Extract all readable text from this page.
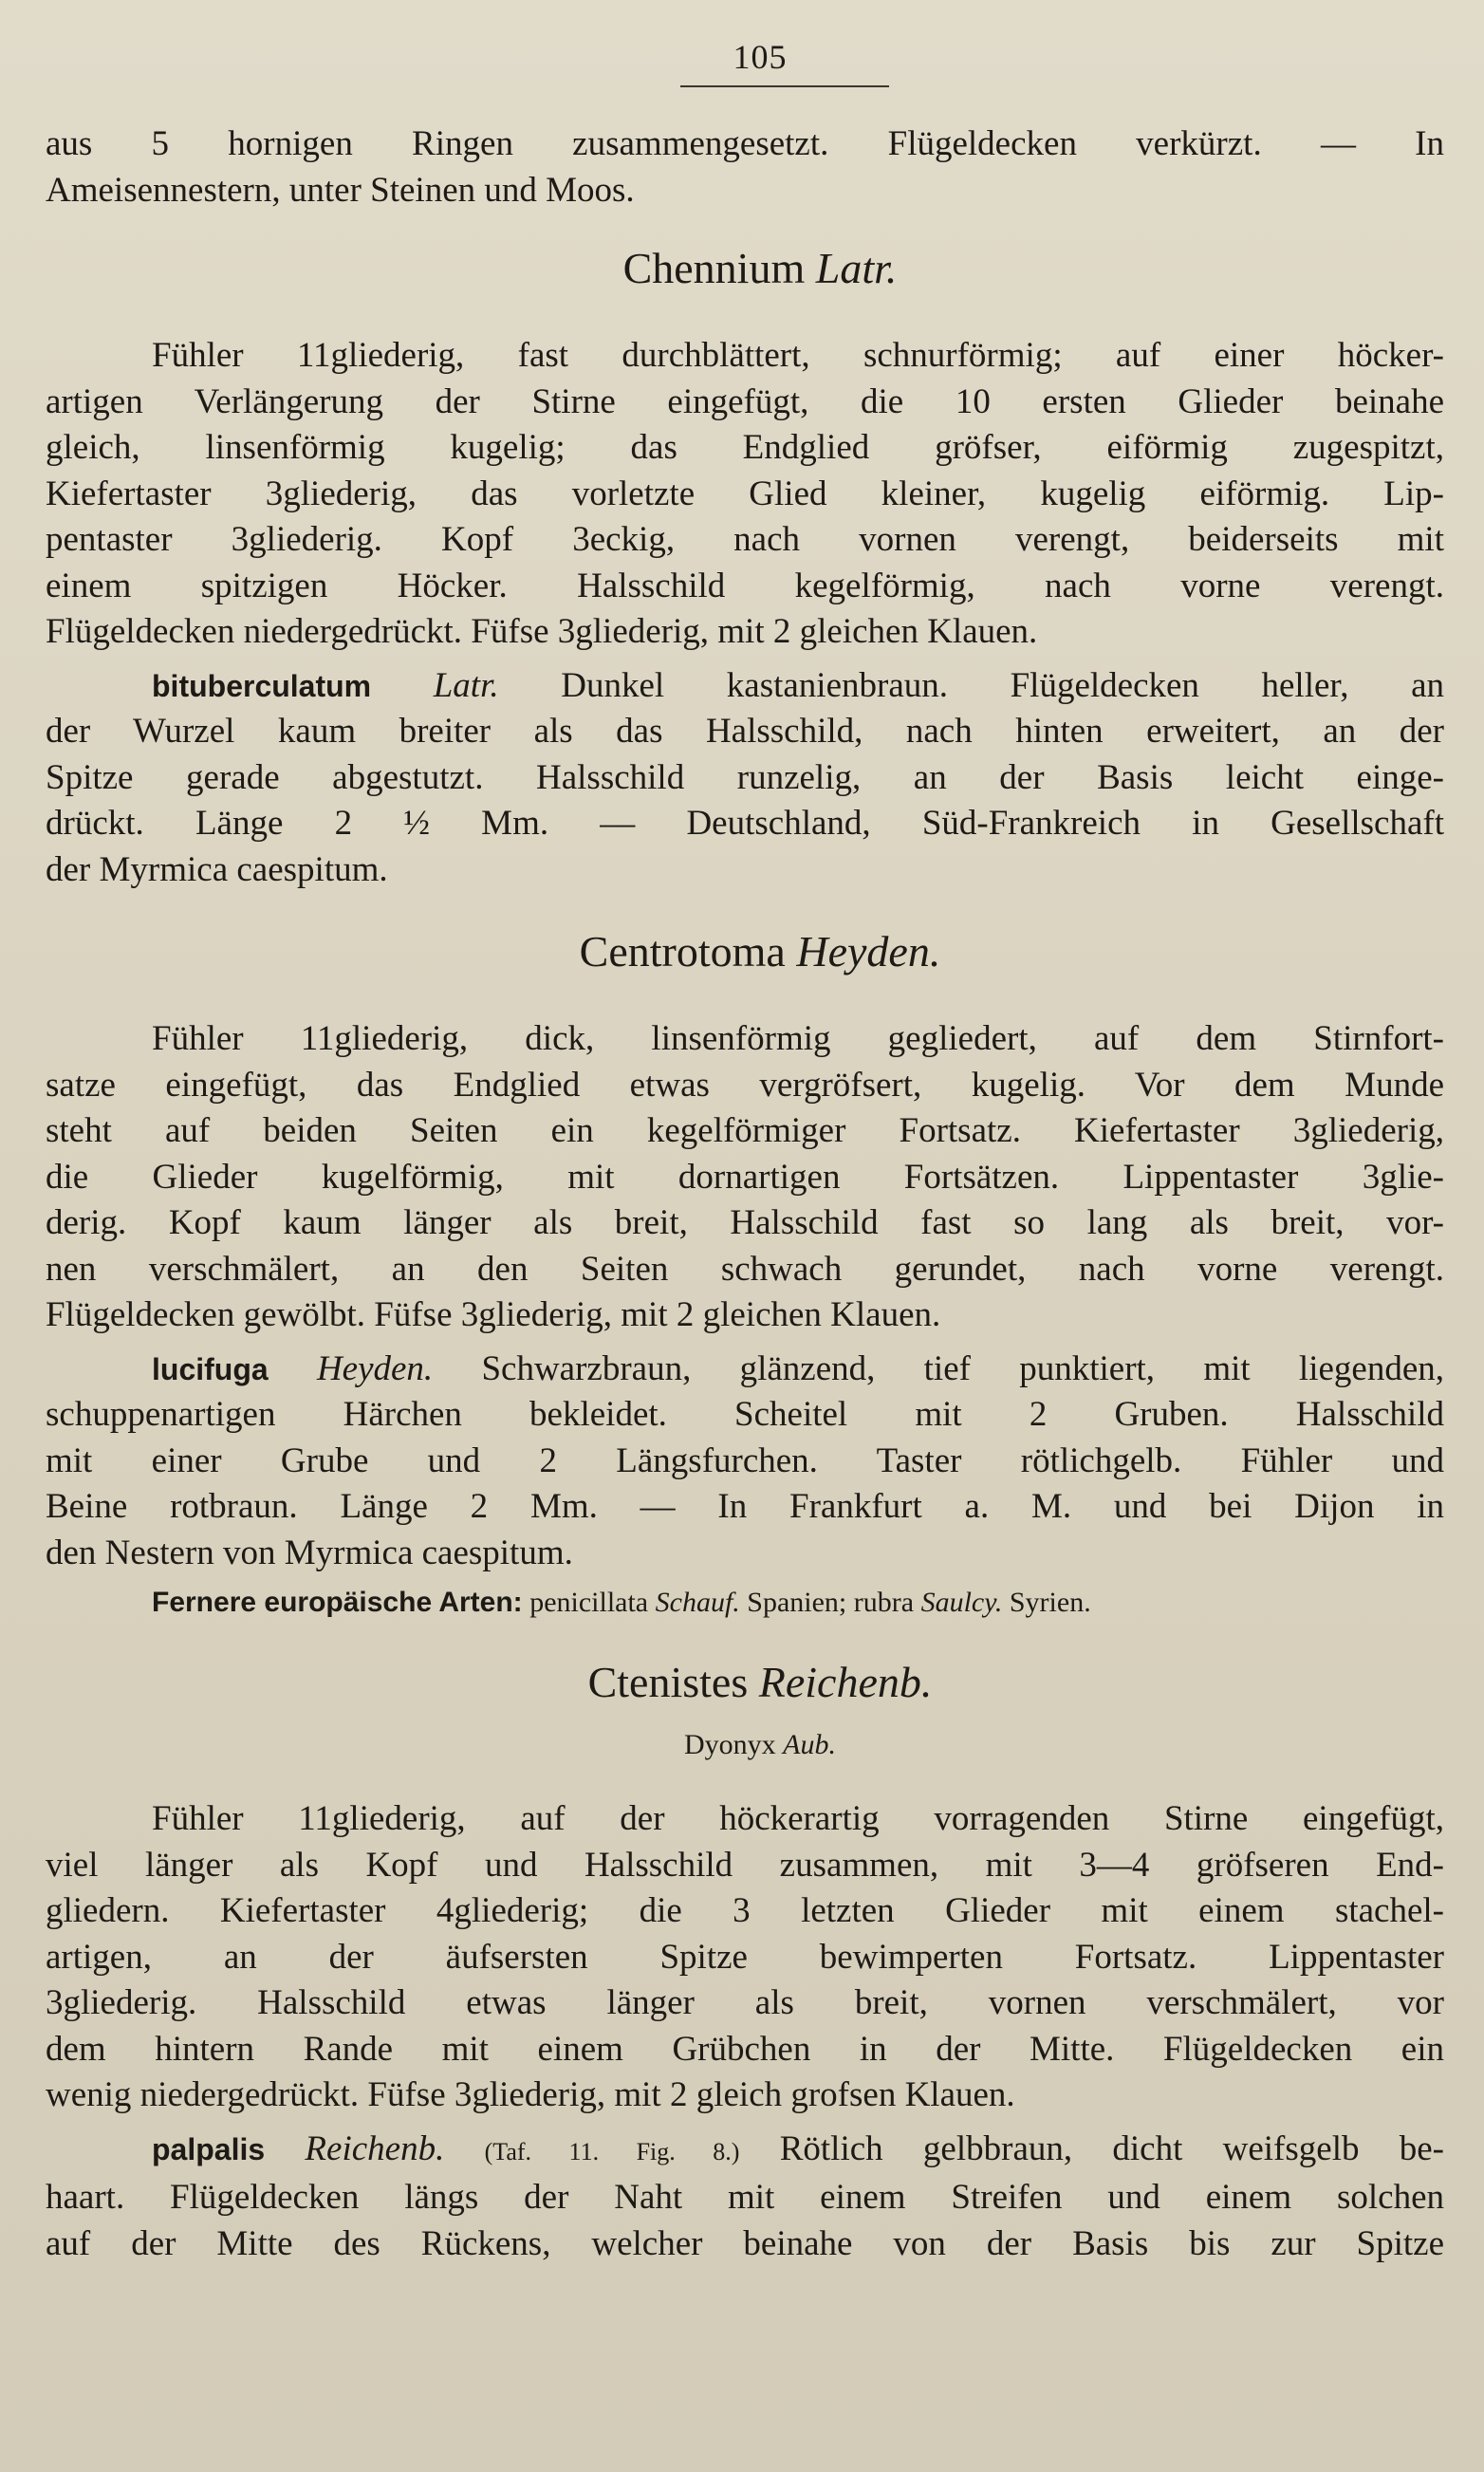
105

aus 5 hornigen Ringen zusammengesetzt. Flügeldecken verkürzt. — In

Ameisennestern, unter Steinen und Moos.

Chennium Latr.

Fühler 11gliederig, fast durchblättert, schnurförmig; auf einer höcker-

artigen Verlängerung der Stirne eingefügt, die 10 ersten Glieder beinahe

gleich, linsenförmig kugelig; das Endglied gröfser, eiförmig zugespitzt,

Kiefertaster 3gliederig, das vorletzte Glied kleiner, kugelig eiförmig. Lip-

pentaster 3gliederig. Kopf 3eckig, nach vornen verengt, beiderseits mit

einem spitzigen Höcker. Halsschild kegelförmig, nach vorne verengt.

Flügeldecken niedergedrückt. Füfse 3gliederig, mit 2 gleichen Klauen.

bituberculatum Latr. Dunkel kastanienbraun. Flügeldecken heller, an

der Wurzel kaum breiter als das Halsschild, nach hinten erweitert, an der

Spitze gerade abgestutzt. Halsschild runzelig, an der Basis leicht einge-

drückt. Länge 2 ½ Mm. — Deutschland, Süd-Frankreich in Gesellschaft

der Myrmica caespitum.

Centrotoma Heyden.

Fühler 11gliederig, dick, linsenförmig gegliedert, auf dem Stirnfort-

satze eingefügt, das Endglied etwas vergröfsert, kugelig. Vor dem Munde

steht auf beiden Seiten ein kegelförmiger Fortsatz. Kiefertaster 3gliederig,

die Glieder kugelförmig, mit dornartigen Fortsätzen. Lippentaster 3glie-

derig. Kopf kaum länger als breit, Halsschild fast so lang als breit, vor-

nen verschmälert, an den Seiten schwach gerundet, nach vorne verengt.

Flügeldecken gewölbt. Füfse 3gliederig, mit 2 gleichen Klauen.

lucifuga Heyden. Schwarzbraun, glänzend, tief punktiert, mit liegenden,

schuppenartigen Härchen bekleidet. Scheitel mit 2 Gruben. Halsschild

mit einer Grube und 2 Längsfurchen. Taster rötlichgelb. Fühler und

Beine rotbraun. Länge 2 Mm. — In Frankfurt a. M. und bei Dijon in

den Nestern von Myrmica caespitum.

Fernere europäische Arten: penicillata Schauf. Spanien; rubra Saulcy. Syrien.

Ctenistes Reichenb.
Dyonyx Aub.

Fühler 11gliederig, auf der höckerartig vorragenden Stirne eingefügt,

viel länger als Kopf und Halsschild zusammen, mit 3—4 gröfseren End-

gliedern. Kiefertaster 4gliederig; die 3 letzten Glieder mit einem stachel-

artigen, an der äufsersten Spitze bewimperten Fortsatz. Lippentaster

3gliederig. Halsschild etwas länger als breit, vornen verschmälert, vor

dem hintern Rande mit einem Grübchen in der Mitte. Flügeldecken ein

wenig niedergedrückt. Füfse 3gliederig, mit 2 gleich grofsen Klauen.

palpalis Reichenb. (Taf. 11. Fig. 8.) Rötlich gelbbraun, dicht weifsgelb be-

haart. Flügeldecken längs der Naht mit einem Streifen und einem solchen

auf der Mitte des Rückens, welcher beinahe von der Basis bis zur Spitze
